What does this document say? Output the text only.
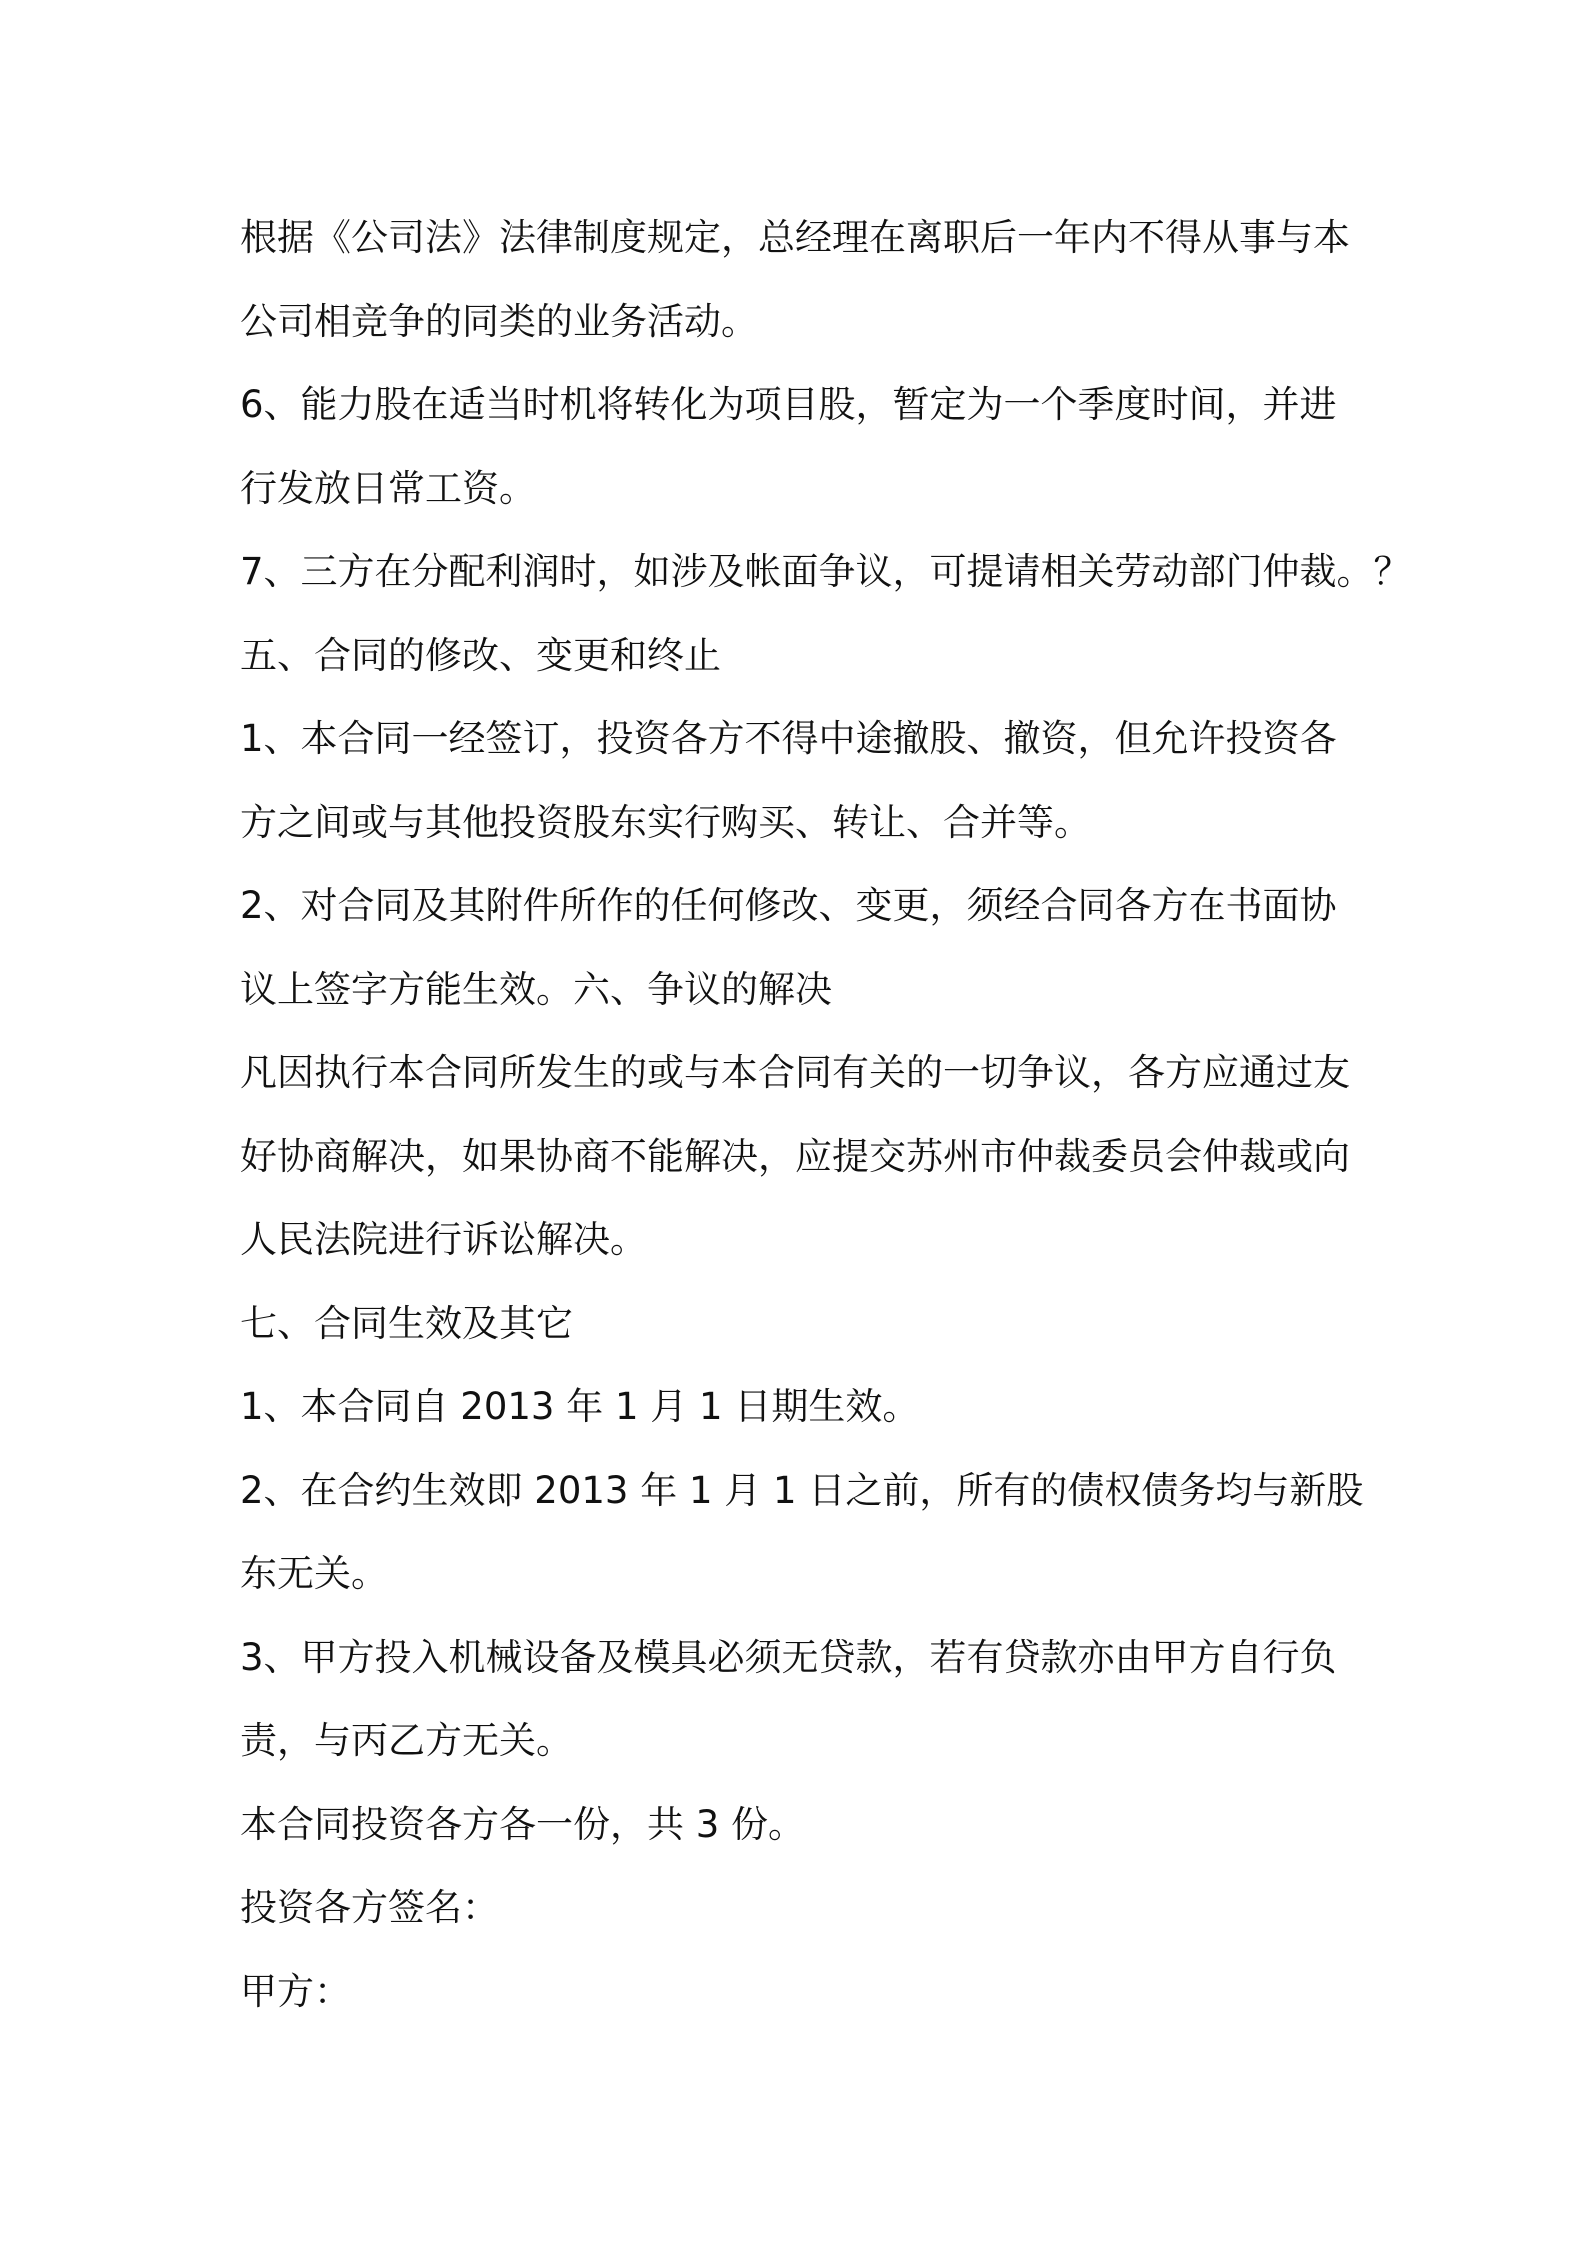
根据《公司法》法律制度规定，总经理在离职后一年内不得从事与本
公司相竞争的同类的业务活动。
6、能力股在适当时机将转化为项目股，暂定为一个季度时间，并进
行发放日常工资。
7、三方在分配利润时，如涉及帐面争议，可提请相关劳动部门仲裁。？
五、合同的修改、变更和终止
1、本合同一经签订，投资各方不得中途撤股、撤资，但允许投资各
方之间或与其他投资股东实行购买、转让、合并等。
2、对合同及其附件所作的任何修改、变更，须经合同各方在书面协
议上签字方能生效。六、争议的解决
凡因执行本合同所发生的或与本合同有关的一切争议，各方应通过友
好协商解决，如果协商不能解决，应提交苏州市仲裁委员会仲裁或向
人民法院进行诉讼解决。
七、合同生效及其它
1、本合同自 2013 年 1 月 1 日期生效。
2、在合约生效即 2013 年 1 月 1 日之前，所有的债权债务均与新股
东无关。
3、甲方投入机械设备及模具必须无贷款，若有贷款亦由甲方自行负
责，与丙乙方无关。
本合同投资各方各一份，共 3 份。
投资各方签名：
甲方：
